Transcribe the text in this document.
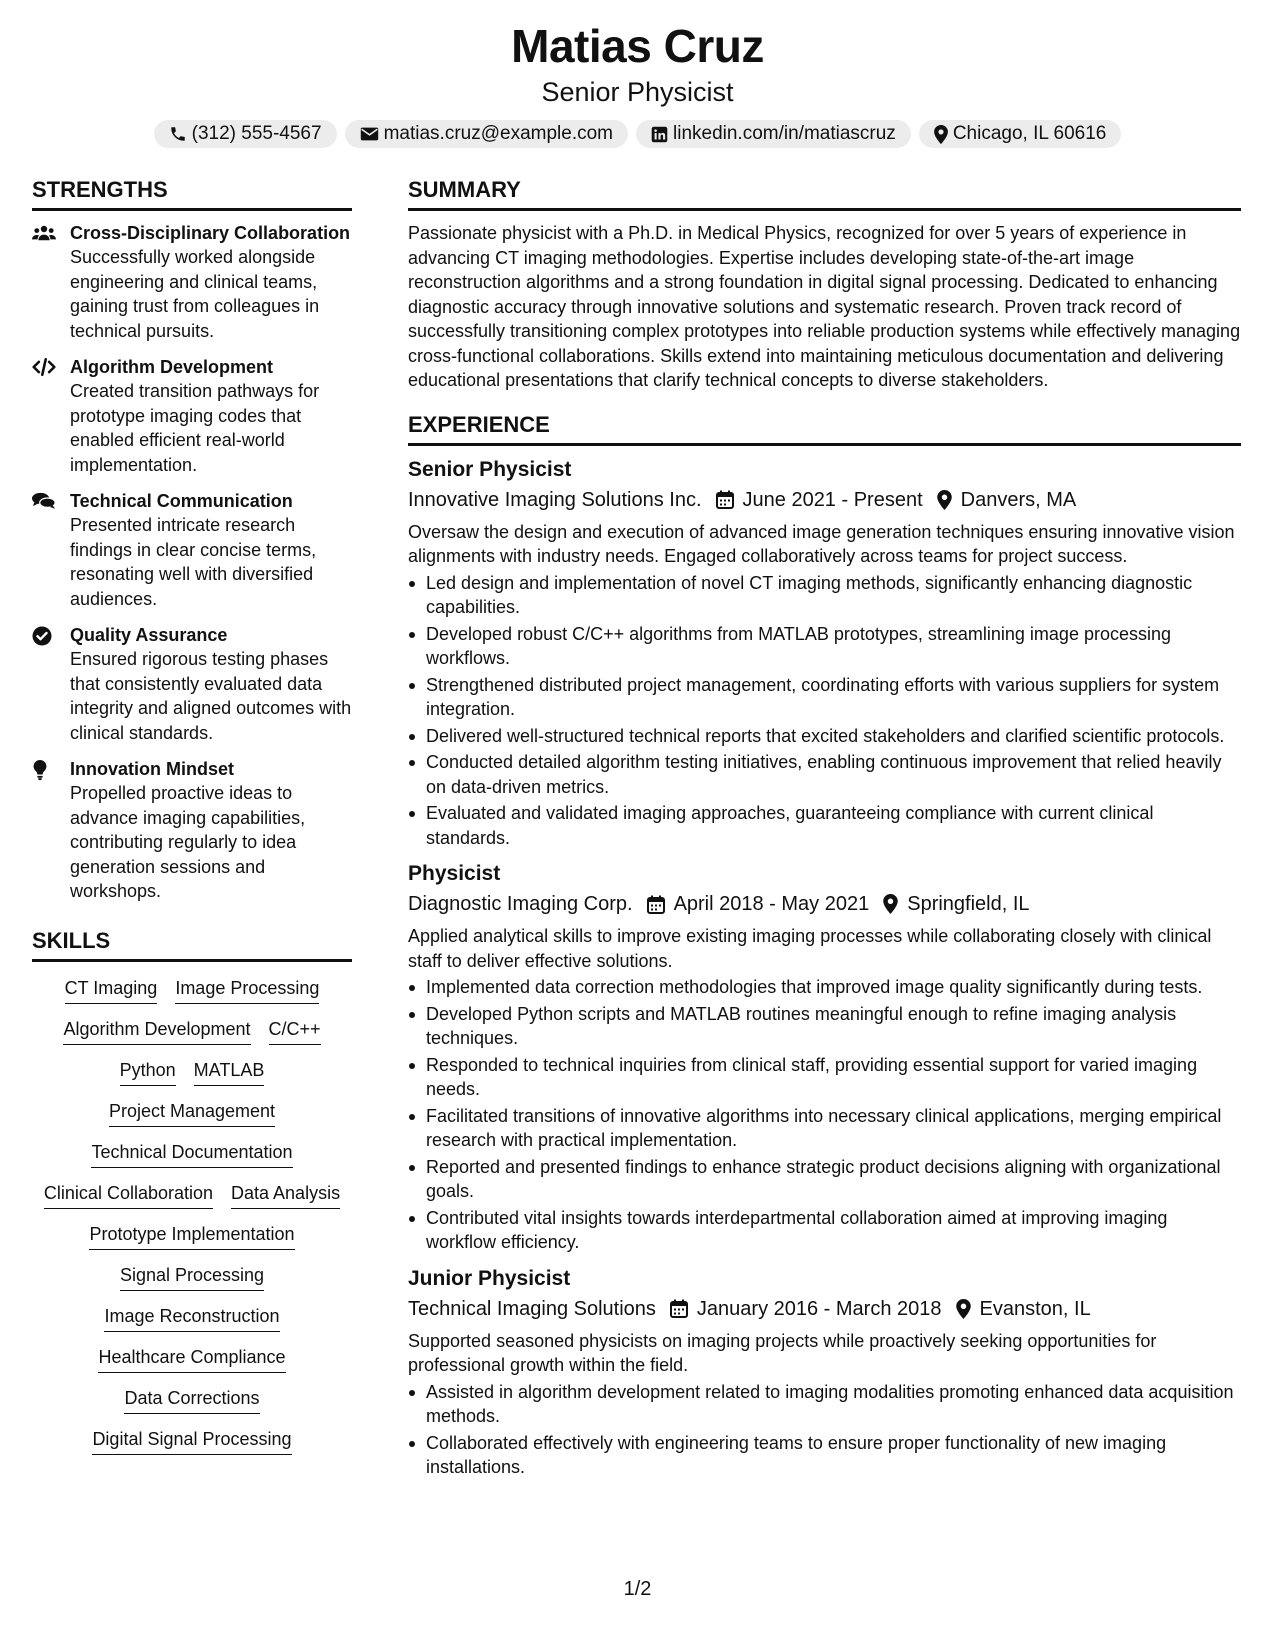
Matias Cruz
Senior Physicist
(312) 555-4567	matias.cruz@example.com	linkedin.com/in/matiascruz	Chicago, IL 60616
STRENGTHS
Cross-Disciplinary Collaboration
Successfully worked alongside engineering and clinical teams, gaining trust from colleagues in technical pursuits.
Algorithm Development
Created transition pathways for prototype imaging codes that enabled efficient real-world implementation.
Technical Communication
Presented intricate research findings in clear concise terms, resonating well with diversified audiences.
Quality Assurance
Ensured rigorous testing phases that consistently evaluated data integrity and aligned outcomes with clinical standards.
Innovation Mindset
Propelled proactive ideas to advance imaging capabilities, contributing regularly to idea generation sessions and workshops.
SKILLS
CT Imaging Image Processing
Algorithm Development C/C++
Python MATLAB
Project Management
Technical Documentation
Clinical Collaboration Data Analysis
Prototype Implementation
Signal Processing
Image Reconstruction
Healthcare Compliance
Data Corrections
Digital Signal Processing
SUMMARY
Passionate physicist with a Ph.D. in Medical Physics, recognized for over 5 years of experience in advancing CT imaging methodologies. Expertise includes developing state-of-the-art image reconstruction algorithms and a strong foundation in digital signal processing. Dedicated to enhancing diagnostic accuracy through innovative solutions and systematic research. Proven track record of successfully transitioning complex prototypes into reliable production systems while effectively managing cross-functional collaborations. Skills extend into maintaining meticulous documentation and delivering educational presentations that clarify technical concepts to diverse stakeholders.
EXPERIENCE
Senior Physicist
Innovative Imaging Solutions Inc. June 2021 - Present Danvers, MA
Oversaw the design and execution of advanced image generation techniques ensuring innovative vision alignments with industry needs. Engaged collaboratively across teams for project success.
Led design and implementation of novel CT imaging methods, significantly enhancing diagnostic capabilities.
Developed robust C/C++ algorithms from MATLAB prototypes, streamlining image processing workflows.
Strengthened distributed project management, coordinating efforts with various suppliers for system integration.
Delivered well-structured technical reports that excited stakeholders and clarified scientific protocols.
Conducted detailed algorithm testing initiatives, enabling continuous improvement that relied heavily on data-driven metrics.
Evaluated and validated imaging approaches, guaranteeing compliance with current clinical standards.
Physicist
Diagnostic Imaging Corp. April 2018 - May 2021 Springfield, IL
Applied analytical skills to improve existing imaging processes while collaborating closely with clinical staff to deliver effective solutions.
Implemented data correction methodologies that improved image quality significantly during tests.
Developed Python scripts and MATLAB routines meaningful enough to refine imaging analysis techniques.
Responded to technical inquiries from clinical staff, providing essential support for varied imaging needs.
Facilitated transitions of innovative algorithms into necessary clinical applications, merging empirical research with practical implementation.
Reported and presented findings to enhance strategic product decisions aligning with organizational goals.
Contributed vital insights towards interdepartmental collaboration aimed at improving imaging workflow efficiency.
Junior Physicist
Technical Imaging Solutions January 2016 - March 2018 Evanston, IL
Supported seasoned physicists on imaging projects while proactively seeking opportunities for professional growth within the field.
Assisted in algorithm development related to imaging modalities promoting enhanced data acquisition methods.
Collaborated effectively with engineering teams to ensure proper functionality of new imaging installations.
1/2
